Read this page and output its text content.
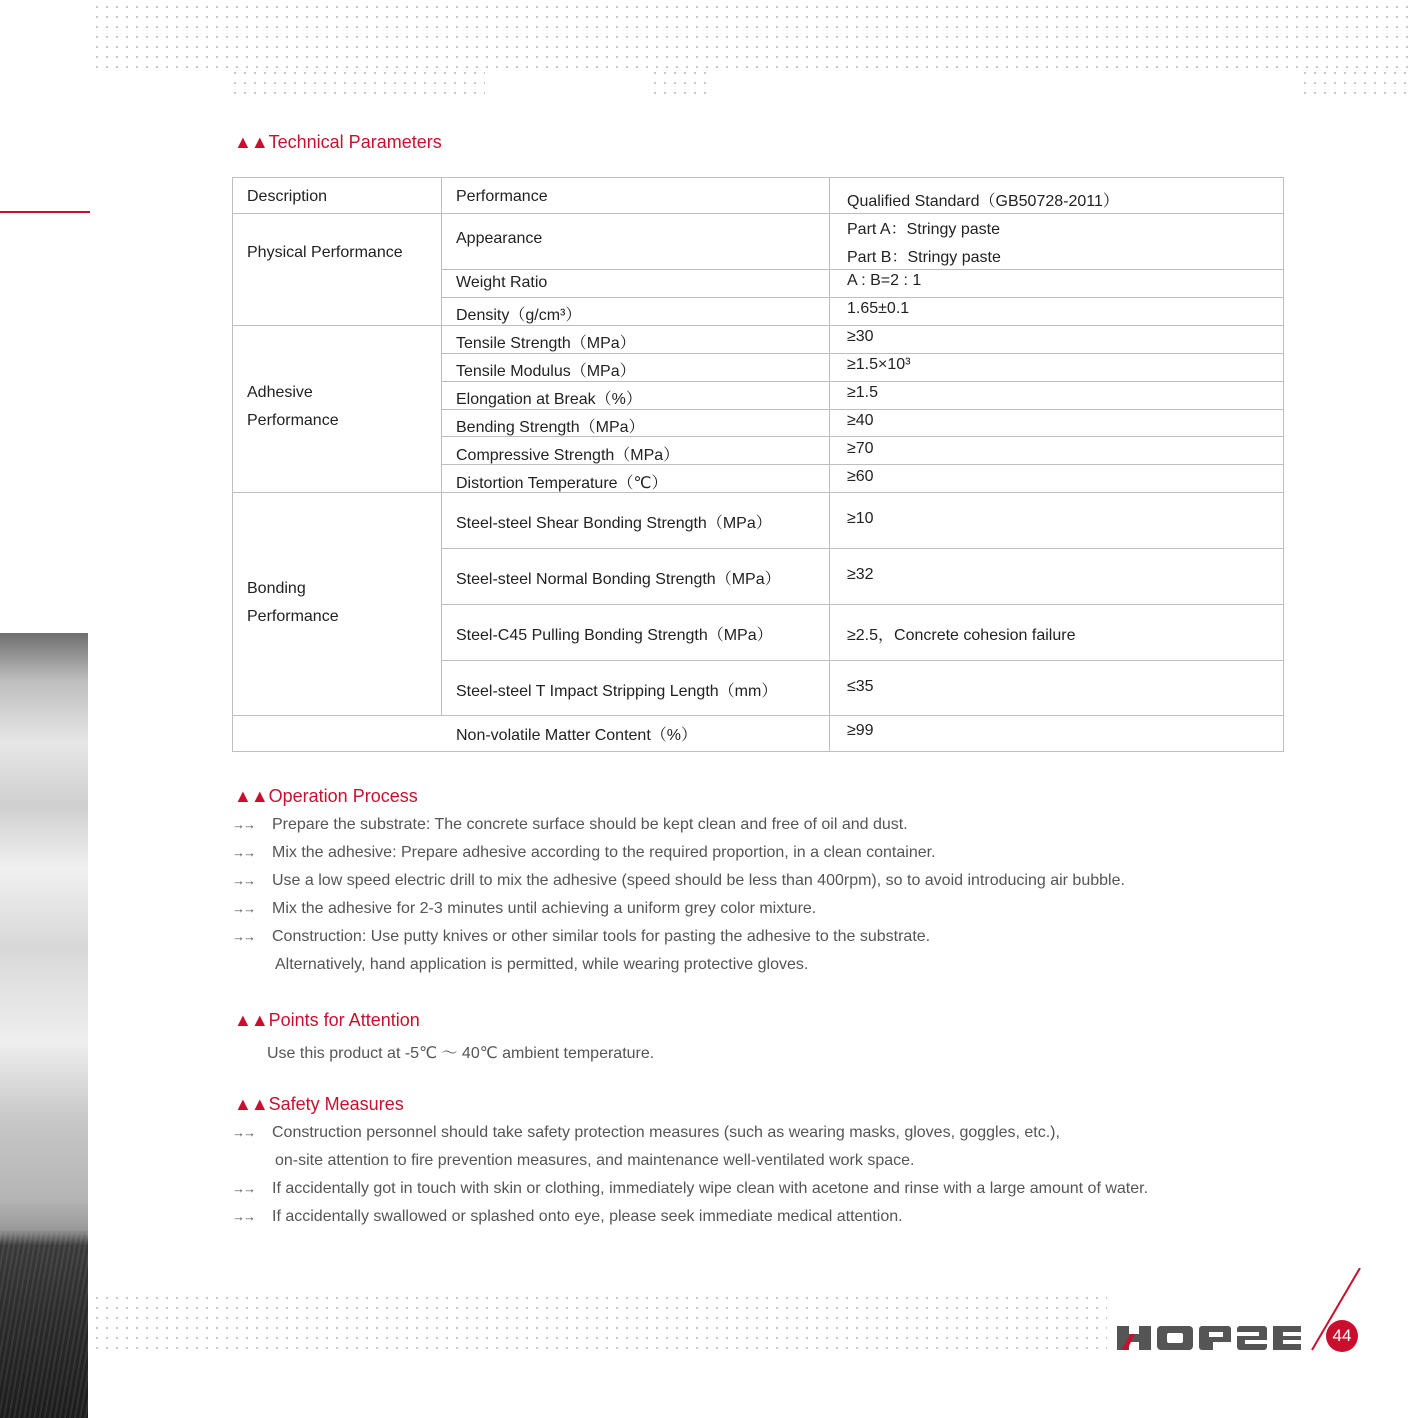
▲▲Technical Parameters
Description	Performance	Qualified Standard（GB50728-2011）
Physical Performance
Adhesive
Performance
Bonding
Performance
Appearance
Weight Ratio
Density（g/cm³）
Tensile Strength（MPa）
Tensile Modulus（MPa）
Elongation at Break（%）
Bending Strength（MPa）
Compressive Strength（MPa）
Distortion Temperature（℃）
Steel-steel Shear Bonding Strength（MPa）
Steel-steel Normal Bonding Strength（MPa）
Steel-C45 Pulling Bonding Strength（MPa）
Steel-steel T Impact Stripping Length（mm）
Non-volatile Matter Content（%）
Part A：Stringy paste
Part B：Stringy paste
A : B=2 : 1
1.65±0.1
≥30
≥1.5×10³
≥1.5
≥40
≥70
≥60
≥10
≥32
≥2.5，Concrete cohesion failure
≤35
≥99
▲▲Operation Process
→→ Prepare the substrate: The concrete surface should be kept clean and free of oil and dust.
→→ Mix the adhesive: Prepare adhesive according to the required proportion, in a clean container.
→→ Use a low speed electric drill to mix the adhesive (speed should be less than 400rpm), so to avoid introducing air bubble.
→→ Mix the adhesive for 2-3 minutes until achieving a uniform grey color mixture.
→→ Construction: Use putty knives or other similar tools for pasting the adhesive to the substrate.
Alternatively, hand application is permitted, while wearing protective gloves.
▲▲Points for Attention
Use this product at -5℃ ～ 40℃ ambient temperature.
▲▲Safety Measures
→→ Construction personnel should take safety protection measures (such as wearing masks, gloves, goggles, etc.),
on-site attention to fire prevention measures, and maintenance well-ventilated work space.
→→ If accidentally got in touch with skin or clothing, immediately wipe clean with acetone and rinse with a large amount of water.
→→ If accidentally swallowed or splashed onto eye, please seek immediate medical attention.
44
